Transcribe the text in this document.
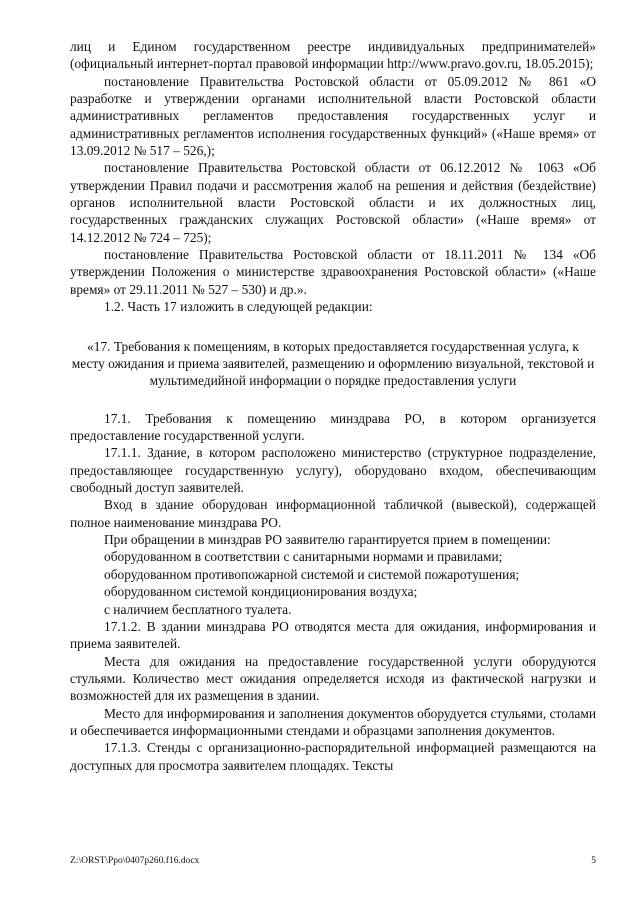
лиц и Едином государственном реестре индивидуальных предпринимателей» (официальный интернет-портал правовой информации http://www.pravo.gov.ru, 18.05.2015);

постановление Правительства Ростовской области от 05.09.2012 № 861 «О разработке и утверждении органами исполнительной власти Ростовской области административных регламентов предоставления государственных услуг и административных регламентов исполнения государственных функций» («Наше время» от 13.09.2012 № 517 – 526,);

постановление Правительства Ростовской области от 06.12.2012 № 1063 «Об утверждении Правил подачи и рассмотрения жалоб на решения и действия (бездействие) органов исполнительной власти Ростовской области и их должностных лиц, государственных гражданских служащих Ростовской области» («Наше время» от 14.12.2012 № 724 – 725);

постановление Правительства Ростовской области от 18.11.2011 № 134 «Об утверждении Положения о министерстве здравоохранения Ростовской области» («Наше время» от 29.11.2011 № 527 – 530) и др.».

1.2. Часть 17 изложить в следующей редакции:

«17. Требования к помещениям, в которых предоставляется государственная услуга, к месту ожидания и приема заявителей, размещению и оформлению визуальной, текстовой и мультимедийной информации о порядке предоставления услуги

17.1. Требования к помещению минздрава РО, в котором организуется предоставление государственной услуги.

17.1.1. Здание, в котором расположено министерство (структурное подразделение, предоставляющее государственную услугу), оборудовано входом, обеспечивающим свободный доступ заявителей.

Вход в здание оборудован информационной табличкой (вывеской), содержащей полное наименование минздрава РО.

При обращении в минздрав РО заявителю гарантируется прием в помещении:

оборудованном в соответствии с санитарными нормами и правилами;

оборудованном противопожарной системой и системой пожаротушения;

оборудованном системой кондиционирования воздуха;

с наличием бесплатного туалета.

17.1.2. В здании минздрава РО отводятся места для ожидания, информирования и приема заявителей.

Места для ожидания на предоставление государственной услуги оборудуются стульями. Количество мест ожидания определяется исходя из фактической нагрузки и возможностей для их размещения в здании.

Место для информирования и заполнения документов оборудуется стульями, столами и обеспечивается информационными стендами и образцами заполнения документов.

17.1.3. Стенды с организационно-распорядительной информацией размещаются на доступных для просмотра заявителем площадях. Тексты

Z:\ORST\Ppo\0407p260.f16.docx	5
